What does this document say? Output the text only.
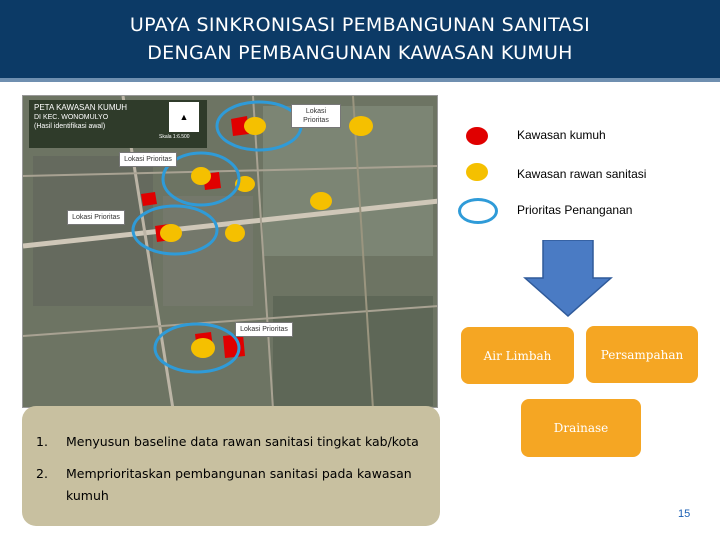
UPAYA SINKRONISASI PEMBANGUNAN SANITASI
DENGAN PEMBANGUNAN KAWASAN KUMUH
PETA KAWASAN KUMUH
DI KEC. WONOMULYO
(Hasil identifikasi awal)
▲
Skala 1:6.500
Lokasi Prioritas
Lokasi Prioritas
Lokasi Prioritas
Lokasi Prioritas
Kawasan kumuh
Kawasan rawan sanitasi
Prioritas Penanganan
Air Limbah	Persampahan
Drainase
1.	Menyusun baseline data rawan sanitasi tingkat kab/kota
2.	Memprioritaskan pembangunan sanitasi pada kawasan kumuh
15
